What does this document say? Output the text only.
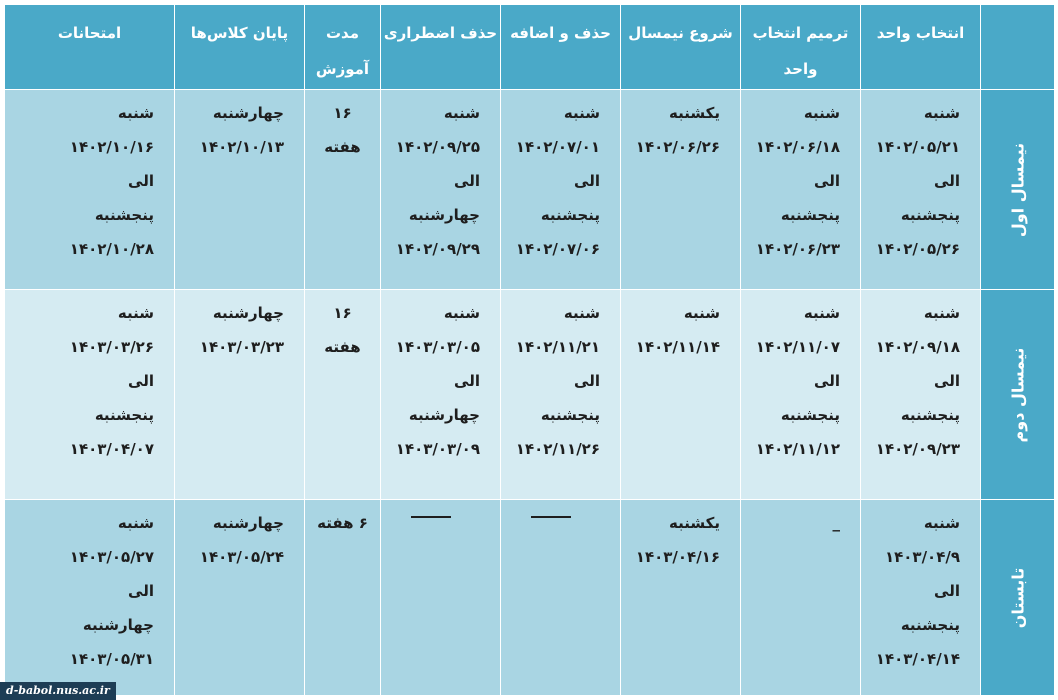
	انتخاب واحد	ترمیم انتخاب واحد	شروع نیمسال	حذف و اضافه	حذف اضطراری	مدت آموزش	پایان کلاس‌ها	امتحانات

نیمسال اول	شنبه
۱۴۰۲/۰۵/۲۱
الی
پنجشنبه
۱۴۰۲/۰۵/۲۶	شنبه
۱۴۰۲/۰۶/۱۸
الی
پنجشنبه
۱۴۰۲/۰۶/۲۳	یکشنبه
۱۴۰۲/۰۶/۲۶	شنبه
۱۴۰۲/۰۷/۰۱
الی
پنجشنبه
۱۴۰۲/۰۷/۰۶	شنبه
۱۴۰۲/۰۹/۲۵
الی
چهارشنبه
۱۴۰۲/۰۹/۲۹	۱۶
هفته	چهارشنبه
۱۴۰۲/۱۰/۱۳	شنبه
۱۴۰۲/۱۰/۱۶
الی
پنجشنبه
۱۴۰۲/۱۰/۲۸

نیمسال دوم	شنبه
۱۴۰۲/۰۹/۱۸
الی
پنجشنبه
۱۴۰۲/۰۹/۲۳	شنبه
۱۴۰۲/۱۱/۰۷
الی
پنجشنبه
۱۴۰۲/۱۱/۱۲	شنبه
۱۴۰۲/۱۱/۱۴	شنبه
۱۴۰۲/۱۱/۲۱
الی
پنجشنبه
۱۴۰۲/۱۱/۲۶	شنبه
۱۴۰۳/۰۳/۰۵
الی
چهارشنبه
۱۴۰۳/۰۳/۰۹	۱۶
هفته	چهارشنبه
۱۴۰۳/۰۳/۲۳	شنبه
۱۴۰۳/۰۳/۲۶
الی
پنجشنبه
۱۴۰۳/۰۴/۰۷

تابستان	شنبه
۱۴۰۳/۰۴/۹
الی
پنجشنبه
۱۴۰۳/۰۴/۱۴	_	یکشنبه
۱۴۰۳/۰۴/۱۶			۶ هفته	چهارشنبه
۱۴۰۳/۰۵/۲۴	شنبه
۱۴۰۳/۰۵/۲۷
الی
چهارشنبه
۱۴۰۳/۰۵/۳۱
d-babol.nus.ac.ir
